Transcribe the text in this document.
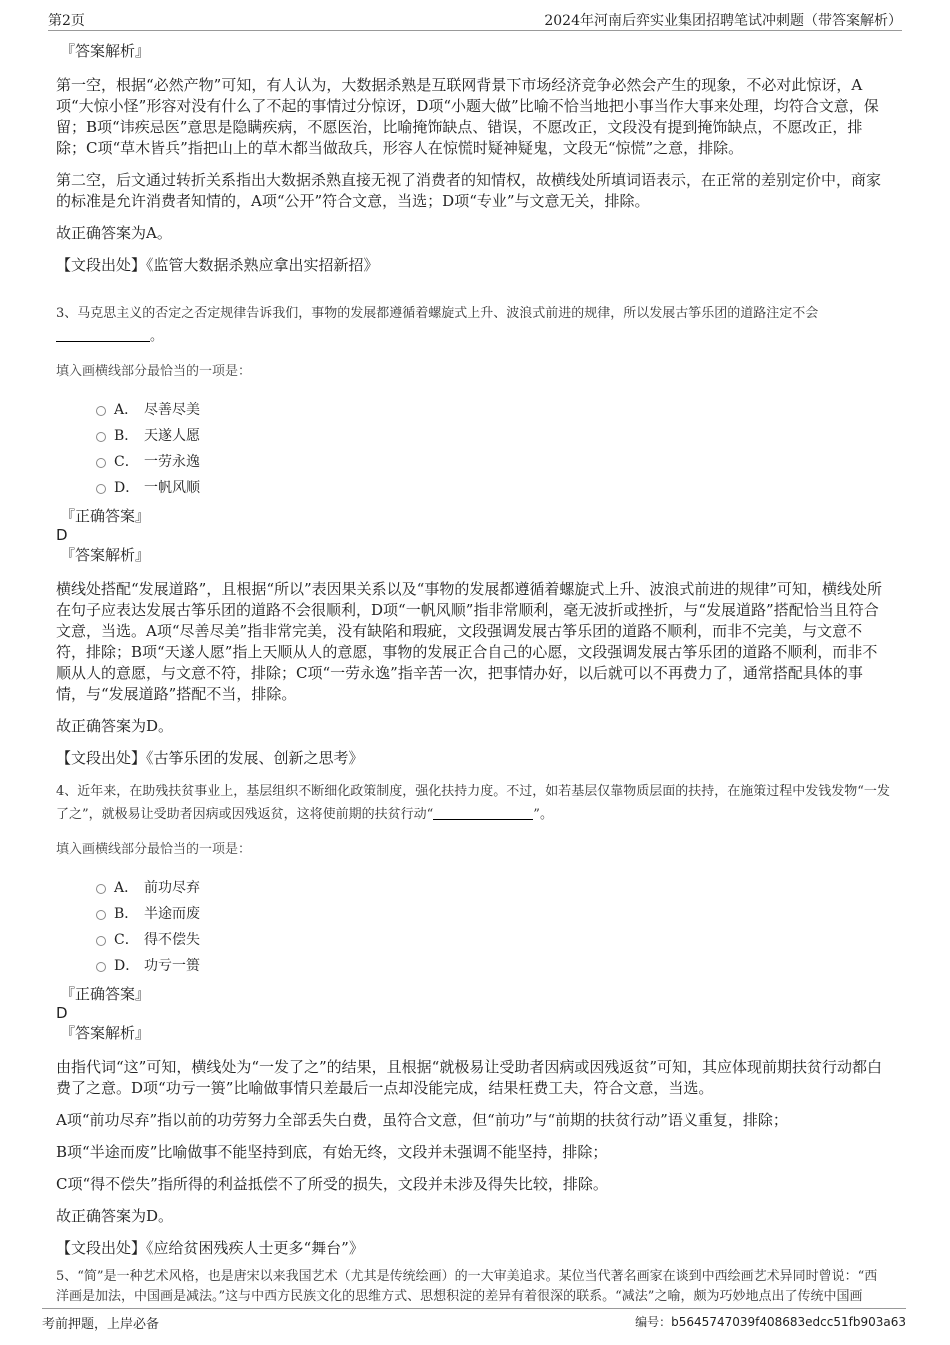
第2页	2024年河南后弈实业集团招聘笔试冲刺题（带答案解析）
『答案解析』

第一空，根据“必然产物”可知，有人认为，大数据杀熟是互联网背景下市场经济竞争必然会产生的现象，不必对此惊讶，A项“大惊小怪”形容对没有什么了不起的事情过分惊讶，D项“小题大做”比喻不恰当地把小事当作大事来处理，均符合文意，保留；B项“讳疾忌医”意思是隐瞒疾病，不愿医治，比喻掩饰缺点、错误，不愿改正，文段没有提到掩饰缺点，不愿改正，排除；C项“草木皆兵”指把山上的草木都当做敌兵，形容人在惊慌时疑神疑鬼，文段无“惊慌”之意，排除。

第二空，后文通过转折关系指出大数据杀熟直接无视了消费者的知情权，故横线处所填词语表示，在正常的差别定价中，商家的标准是允许消费者知情的，A项“公开”符合文意，当选；D项“专业”与文意无关，排除。

故正确答案为A。

【文段出处】《监管大数据杀熟应拿出实招新招》

3、马克思主义的否定之否定规律告诉我们，事物的发展都遵循着螺旋式上升、波浪式前进的规律，所以发展古筝乐团的道路注定不会
。

填入画横线部分最恰当的一项是：

A． 尽善尽美
B． 天遂人愿
C． 一劳永逸
D． 一帆风顺
『正确答案』
D
『答案解析』

横线处搭配“发展道路”，且根据“所以”表因果关系以及“事物的发展都遵循着螺旋式上升、波浪式前进的规律”可知，横线处所在句子应表达发展古筝乐团的道路不会很顺利，D项“一帆风顺”指非常顺利，毫无波折或挫折，与“发展道路”搭配恰当且符合文意，当选。A项“尽善尽美”指非常完美，没有缺陷和瑕疵，文段强调发展古筝乐团的道路不顺利，而非不完美，与文意不符，排除；B项“天遂人愿”指上天顺从人的意愿，事物的发展正合自己的心愿，文段强调发展古筝乐团的道路不顺利，而非不顺从人的意愿，与文意不符，排除；C项“一劳永逸”指辛苦一次，把事情办好，以后就可以不再费力了，通常搭配具体的事情，与“发展道路”搭配不当，排除。

故正确答案为D。

【文段出处】《古筝乐团的发展、创新之思考》

4、近年来，在助残扶贫事业上，基层组织不断细化政策制度，强化扶持力度。不过，如若基层仅靠物质层面的扶持，在施策过程中发钱发物“一发了之”，就极易让受助者因病或因残返贫，这将使前期的扶贫行动“	”。

填入画横线部分最恰当的一项是：

A． 前功尽弃
B． 半途而废
C． 得不偿失
D． 功亏一篑
『正确答案』
D
『答案解析』

由指代词“这”可知，横线处为“一发了之”的结果，且根据“就极易让受助者因病或因残返贫”可知，其应体现前期扶贫行动都白费了之意。D项“功亏一篑”比喻做事情只差最后一点却没能完成，结果枉费工夫，符合文意，当选。

A项“前功尽弃”指以前的功劳努力全部丢失白费，虽符合文意，但“前功”与“前期的扶贫行动”语义重复，排除；

B项“半途而废”比喻做事不能坚持到底，有始无终，文段并未强调不能坚持，排除；

C项“得不偿失”指所得的利益抵偿不了所受的损失，文段并未涉及得失比较，排除。

故正确答案为D。

【文段出处】《应给贫困残疾人士更多“舞台”》

5、“简”是一种艺术风格，也是唐宋以来我国艺术（尤其是传统绘画）的一大审美追求。某位当代著名画家在谈到中西绘画艺术异同时曾说：“西洋画是加法，中国画是减法。”这与中西方民族文化的思维方式、思想积淀的差异有着很深的联系。“减法”之喻，颇为巧妙地点出了传统中国画

考前押题，上岸必备	编号：b5645747039f408683edcc51fb903a63
